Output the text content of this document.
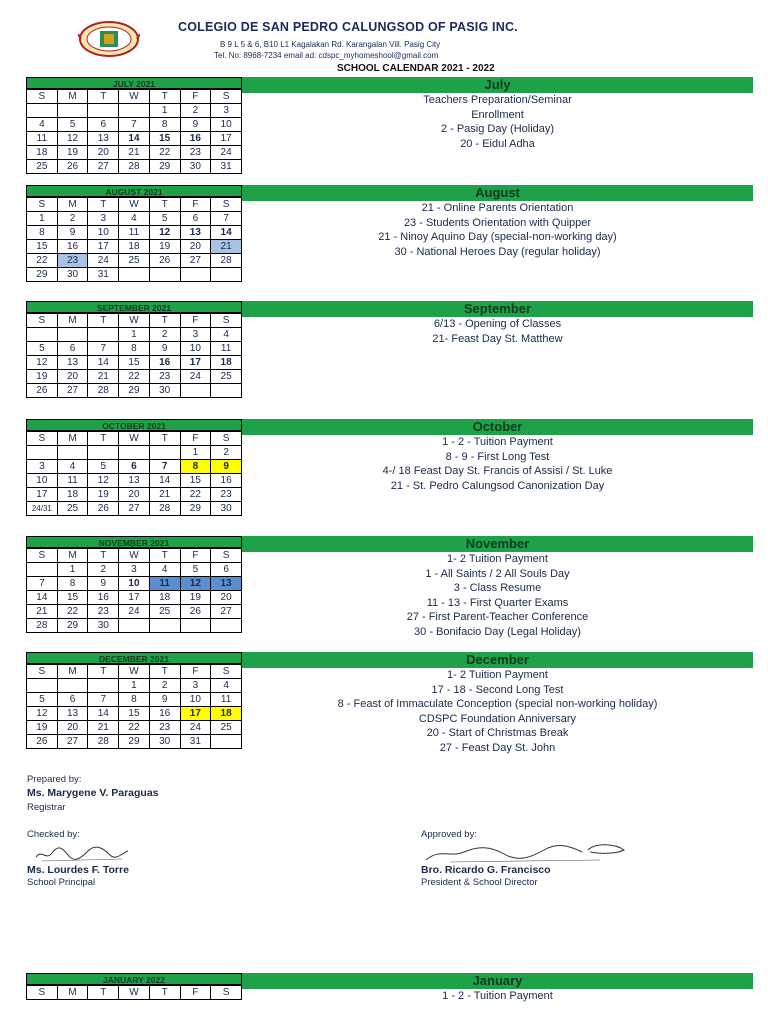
COLEGIO DE SAN PEDRO CALUNGSOD OF PASIG INC.
B 9 L 5 & 6, B10 L1 Kagalakan Rd. Karangalan Vill. Pasig City
Tel. No: 8968-7234 email ad: cdspc_myhomeshool@gmail.com
SCHOOL CALENDAR 2021 - 2022
JULY 2021
S	M	T	W	T	F	S
				1	2	3
4	5	6	7	8	9	10
11	12	13	14	15	16	17
18	19	20	21	22	23	24
25	26	27	28	29	30	31
July
Teachers Preparation/Seminar
Enrollment
2 - Pasig Day (Holiday)
20 - Eidul Adha
AUGUST 2021
S	M	T	W	T	F	S
1	2	3	4	5	6	7
8	9	10	11	12	13	14
15	16	17	18	19	20	21
22	23	24	25	26	27	28
29	30	31				
August
21 - Online Parents Orientation
23 - Students Orientation with Quipper
21 - Ninoy Aquino Day (special-non-working day)
30 - National Heroes Day (regular holiday)
SEPTEMBER 2021
S	M	T	W	T	F	S
			1	2	3	4
5	6	7	8	9	10	11
12	13	14	15	16	17	18
19	20	21	22	23	24	25
26	27	28	29	30		
September
6/13 - Opening of Classes
21- Feast Day St. Matthew
OCTOBER 2021
S	M	T	W	T	F	S
					1	2
3	4	5	6	7	8	9
10	11	12	13	14	15	16
17	18	19	20	21	22	23
24/31	25	26	27	28	29	30
October
1 - 2 - Tuition Payment
8 - 9 - First Long Test
4-/ 18 Feast Day St. Francis of Assisi / St. Luke
21 - St. Pedro Calungsod Canonization Day
NOVEMBER 2021
S	M	T	W	T	F	S
	1	2	3	4	5	6
7	8	9	10	11	12	13
14	15	16	17	18	19	20
21	22	23	24	25	26	27
28	29	30				
November
1- 2 Tuition Payment
1 - All Saints / 2 All Souls Day
3 - Class Resume
11 - 13 - First Quarter Exams
27 - First Parent-Teacher Conference
30 - Bonifacio Day (Legal Holiday)
DECEMBER 2021
S	M	T	W	T	F	S
			1	2	3	4
5	6	7	8	9	10	11
12	13	14	15	16	17	18
19	20	21	22	23	24	25
26	27	28	29	30	31	
December
1- 2 Tuition Payment
17 - 18 - Second Long Test
8 - Feast of Immaculate Conception (special non-working holiday)
CDSPC Foundation Anniversary
20 - Start of Christmas Break
27 - Feast Day St. John
JANUARY 2022
S	M	T	W	T	F	S
January
1 - 2 - Tuition Payment
Prepared by:
Ms. Marygene V. Paraguas
Registrar
Checked by:
Ms. Lourdes F. Torre
School Principal
Approved by:
Bro. Ricardo G. Francisco
President & School Director
